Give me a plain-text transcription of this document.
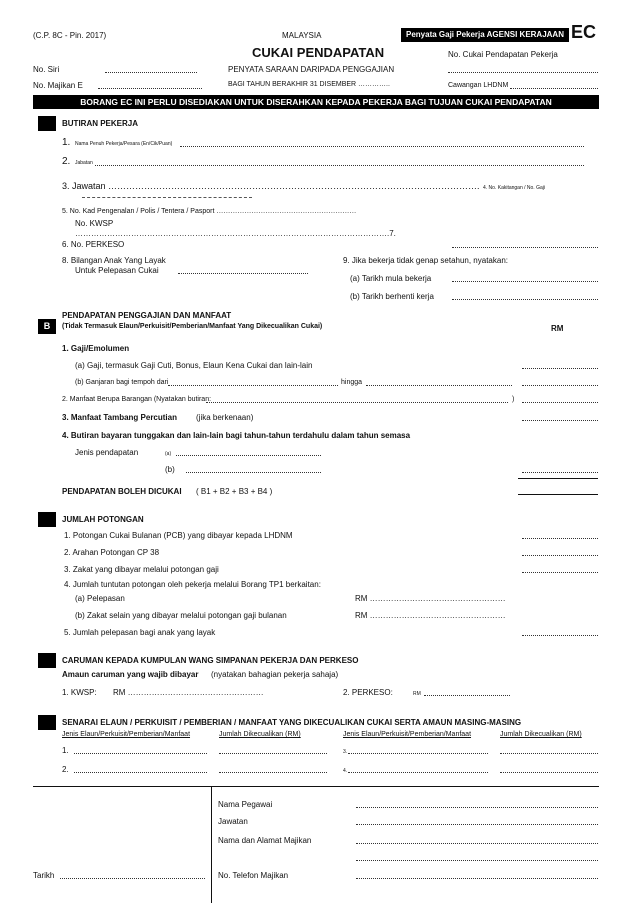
(C.P. 8C - Pin. 2017)	MALAYSIA	Penyata Gaji Pekerja AGENSI KERAJAAN EC
CUKAI PENDAPATAN	No. Cukai Pendapatan Pekerja
No. Siri	PENYATA SARAAN DARIPADA PENGGAJIAN
No. Majikan E	BAGI TAHUN BERAKHIR 31 DISEMBER …………..	Cawangan LHDNM
BORANG EC INI PERLU DISEDIAKAN UNTUK DISERAHKAN KEPADA PEKERJA BAGI TUJUAN CUKAI PENDAPATAN
BUTIRAN PEKERJA
1. Nama Penuh Pekerja/Pesara (En/Cik/Puan)
2. Jabatan
3. Jawatan ……………………………………………………………………………………………………………. 4. No. Kakitangan / No. Gaji
5. No. Kad Pengenalan / Polis / Tentera / Pasport ……………………………………………………
No. KWSP
……………………………………………………………………………………………………….7.
6. No. PERKESO
8. Bilangan Anak Yang Layak
Untuk Pelepasan Cukai
9. Jika bekerja tidak genap setahun, nyatakan:
(a) Tarikh mula bekerja
(b) Tarikh berhenti kerja
B
PENDAPATAN PENGGAJIAN DAN MANFAAT
(Tidak Termasuk Elaun/Perkuisit/Pemberian/Manfaat Yang Dikecualikan Cukai)	RM
1. Gaji/Emolumen
(a) Gaji, termasuk Gaji Cuti, Bonus, Elaun Kena Cukai dan lain-lain
(b) Ganjaran bagi tempoh dari	hingga
2. Manfaat Berupa Barangan (Nyatakan butiran:	)
3. Manfaat Tambang Percutian (jika berkenaan)
4. Butiran bayaran tunggakan dan lain-lain bagi tahun-tahun terdahulu dalam tahun semasa
Jenis pendapatan	(a)
(b)
PENDAPATAN BOLEH DICUKAI ( B1 + B2 + B3 + B4 )
JUMLAH POTONGAN
1. Potongan Cukai Bulanan (PCB) yang dibayar kepada LHDNM
2. Arahan Potongan CP 38
3. Zakat yang dibayar melalui potongan gaji
4. Jumlah tuntutan potongan oleh pekerja melalui Borang TP1 berkaitan:
(a) Pelepasan	RM ……………………………………………
(b) Zakat selain yang dibayar melalui potongan gaji bulanan	RM ……………………………………………
5. Jumlah pelepasan bagi anak yang layak
CARUMAN KEPADA KUMPULAN WANG SIMPANAN PEKERJA DAN PERKESO
Amaun caruman yang wajib dibayar (nyatakan bahagian pekerja sahaja)
1. KWSP: RM ……………………………………………	2. PERKESO:	RM
SENARAI ELAUN / PERKUISIT / PEMBERIAN / MANFAAT YANG DIKECUALIKAN CUKAI SERTA AMAUN MASING-MASING
Jenis Elaun/Perkuisit/Pemberian/Manfaat	Jumlah Dikecualikan (RM)	Jenis Elaun/Perkuisit/Pemberian/Manfaat	Jumlah Dikecualikan (RM)
1.	3.
2.	4.
Nama Pegawai
Jawatan
Nama dan Alamat Majikan
Tarikh	No. Telefon Majikan
